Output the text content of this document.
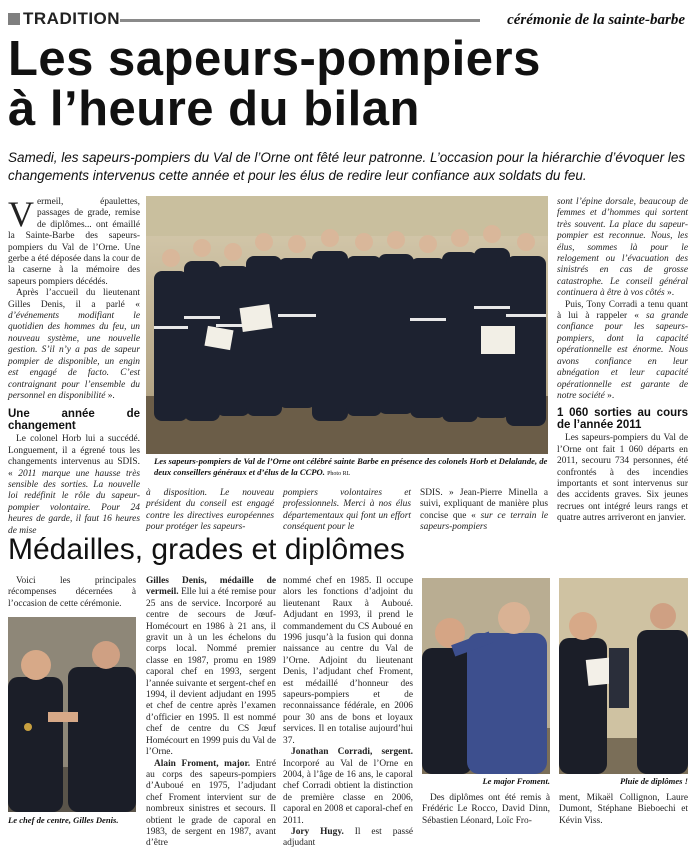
TRADITION	cérémonie de la sainte-barbe
Les sapeurs-pompiers
à l’heure du bilan
Samedi, les sapeurs-pompiers du Val de l’Orne ont fêté leur patronne. L’occasion pour la hiérarchie d’évoquer les changements intervenus cette année et pour les élus de redire leur confiance aux soldats du feu.

Vermeil, épaulettes, passages de grade, remise de diplômes... ont émaillé la Sainte-Barbe des sapeurs-pompiers du Val de l’Orne. Une gerbe a été déposée dans la cour de la caserne à la mémoire des sapeurs pompiers décédés.

Après l’accueil du lieutenant Gilles Denis, il a parlé « d’événements modifiant le quotidien des hommes du feu, un nouveau système, une nouvelle gestion. S’il n’y a pas de sapeur pompier de disponible, un engin est engagé de facto. C’est contraignant pour l’ensemble du personnel en disponibilité ».

Une année de changement

Le colonel Horb lui a succédé. Longuement, il a égrené tous les changements intervenus au SDIS. « 2011 marque une hausse très sensible des sorties. La nouvelle loi redéfinit le rôle du sapeur-pompier volontaire. Pour 24 heures de garde, il faut 16 heures de mise

Les sapeurs-pompiers de Val de l’Orne ont célébré sainte Barbe en présence des colonels Horb et Delalande, de deux conseillers généraux et d’élus de la CCPO. Photo RL

à disposition. Le nouveau président du conseil est engagé contre les directives européennes pour protéger les sapeurs-

pompiers volontaires et professionnels. Merci à nos élus départementaux qui font un effort conséquent pour le

SDIS. » Jean-Pierre Minella a suivi, expliquant de manière plus concise que « sur ce terrain le sapeurs-pompiers

sont l’épine dorsale, beaucoup de femmes et d’hommes qui sortent très souvent. La place du sapeur-pompier est reconnue. Nous, les élus, sommes là pour le relogement ou l’évacuation des sinistrés en cas de grosse catastrophe. Le conseil général continuera à être à vos côtés ».

Puis, Tony Corradi a tenu quant à lui à rappeler « sa grande confiance pour les sapeurs-pompiers, dont la capacité opérationnelle est énorme. Nous avons confiance en leur abnégation et leur capacité opérationnelle est garante de notre société ».

1 060 sorties au cours de l’année 2011

Les sapeurs-pompiers du Val de l’Orne ont fait 1 060 départs en 2011, secouru 734 personnes, été confrontés à des incendies importants et sont intervenus sur des accidents graves. Six jeunes recrues ont intégré leurs rangs et quatre autres arriveront en janvier.

Médailles, grades et diplômes

Voici les principales récompenses décernées à l’occasion de cette cérémonie.

Le chef de centre, Gilles Denis.

Gilles Denis, médaille de vermeil. Elle lui a été remise pour 25 ans de service. Incorporé au centre de secours de Jœuf-Homécourt en 1986 à 21 ans, il gravit un à un les échelons du corps local. Nommé premier classe en 1987, promu en 1989 caporal chef en 1993, sergent l’année suivante et sergent-chef en 1994, il devient adjudant en 1995 et chef de centre après l’examen d’officier en 1995. Il est nommé chef de centre du CS Jœuf Homécourt en 1999 puis du Val de l’Orne.

Alain Froment, major. Entré au corps des sapeurs-pompiers d’Auboué en 1975, l’adjudant chef Froment intervient sur de nombreux sinistres et secours. Il obtient le grade de caporal en 1983, de sergent en 1987, avant d’être

nommé chef en 1985. Il occupe alors les fonctions d’adjoint du lieutenant Raux à Auboué. Adjudant en 1993, il prend le commandement du CS Auboué en 1996 jusqu’à la fusion qui donna naissance au centre du Val de l’Orne. Adjoint du lieutenant Denis, l’adjudant chef Froment, est médaillé d’honneur des sapeurs-pompiers et de reconnaissance fédérale, en 2006 pour 30 ans de bons et loyaux services. Il en totalise aujourd’hui 37.

Jonathan Corradi, sergent. Incorporé au Val de l’Orne en 2004, à l’âge de 16 ans, le caporal chef Corradi obtient la distinction de première classe en 2006, caporal en 2008 et caporal-chef en 2011.

Jory Hugy. Il est passé adjudant

Le major Froment.	Pluie de diplômes !

Des diplômes ont été remis à Frédéric Le Rocco, David Dinn, Sébastien Léonard, Loïc Fro-

ment, Mikaël Collignon, Laure Dumont, Stéphane Bieboechi et Kévin Viss.
